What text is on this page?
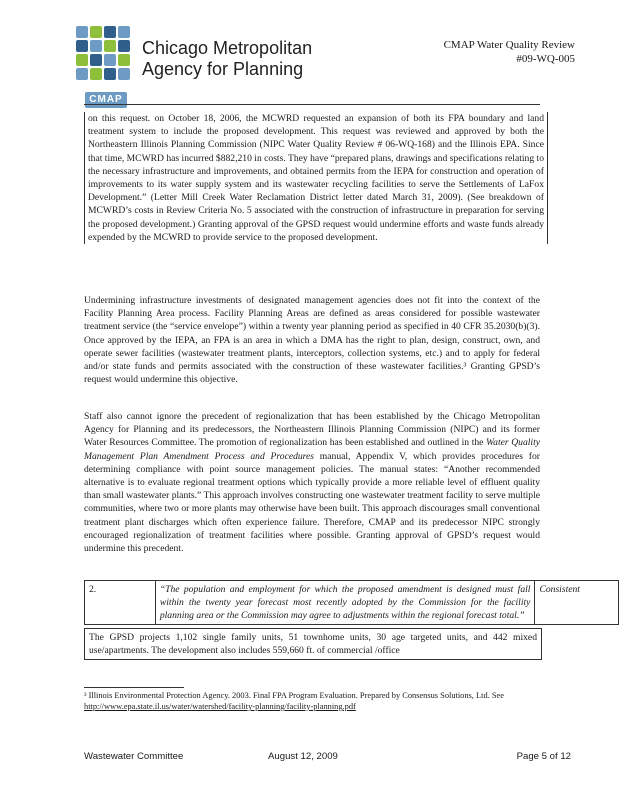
CMAP
Chicago Metropolitan
Agency for Planning
CMAP Water Quality Review
#09-WQ-005
on this request. on October 18, 2006, the MCWRD requested an expansion of both its FPA boundary and land treatment system to include the proposed development. This request was reviewed and approved by both the Northeastern Illinois Planning Commission (NIPC Water Quality Review # 06-WQ-168) and the Illinois EPA. Since that time, MCWRD has incurred $882,210 in costs. They have “prepared plans, drawings and specifications relating to the necessary infrastructure and improvements, and obtained permits from the IEPA for construction and operation of improvements to its water supply system and its wastewater recycling facilities to serve the Settlements of LaFox Development.” (Letter Mill Creek Water Reclamation District letter dated March 31, 2009). (See breakdown of MCWRD’s costs in Review Criteria No. 5 associated with the construction of infrastructure in preparation for serving the proposed development.) Granting approval of the GPSD request would undermine efforts and waste funds already expended by the MCWRD to provide service to the proposed development.
Undermining infrastructure investments of designated management agencies does not fit into the context of the Facility Planning Area process. Facility Planning Areas are defined as areas considered for possible wastewater treatment service (the “service envelope”) within a twenty year planning period as specified in 40 CFR 35.2030(b)(3). Once approved by the IEPA, an FPA is an area in which a DMA has the right to plan, design, construct, own, and operate sewer facilities (wastewater treatment plants, interceptors, collection systems, etc.) and to apply for federal and/or state funds and permits associated with the construction of these wastewater facilities.³ Granting GPSD’s request would undermine this objective.
Staff also cannot ignore the precedent of regionalization that has been established by the Chicago Metropolitan Agency for Planning and its predecessors, the Northeastern Illinois Planning Commission (NIPC) and its former Water Resources Committee. The promotion of regionalization has been established and outlined in the Water Quality Management Plan Amendment Process and Procedures manual, Appendix V, which provides procedures for determining compliance with point source management policies. The manual states: “Another recommended alternative is to evaluate regional treatment options which typically provide a more reliable level of effluent quality than small wastewater plants.” This approach involves constructing one wastewater treatment facility to serve multiple communities, where two or more plants may otherwise have been built. This approach discourages small conventional treatment plant discharges which often experience failure. Therefore, CMAP and its predecessor NIPC strongly encouraged regionalization of treatment facilities where possible. Granting approval of GPSD’s request would undermine this precedent.
2.	“The population and employment for which the proposed amendment is designed must fall within the twenty year forecast most recently adopted by the Commission for the facility planning area or the Commission may agree to adjustments within the regional forecast total.”	Consistent
The GPSD projects 1,102 single family units, 51 townhome units, 30 age targeted units, and 442 mixed use/apartments. The development also includes 559,660 ft. of commercial /office
³ Illinois Environmental Protection Agency. 2003. Final FPA Program Evaluation. Prepared by Consensus Solutions, Ltd. See http://www.epa.state.il.us/water/watershed/facility-planning/facility-planning.pdf
Wastewater Committee	August 12, 2009	Page 5 of 12
